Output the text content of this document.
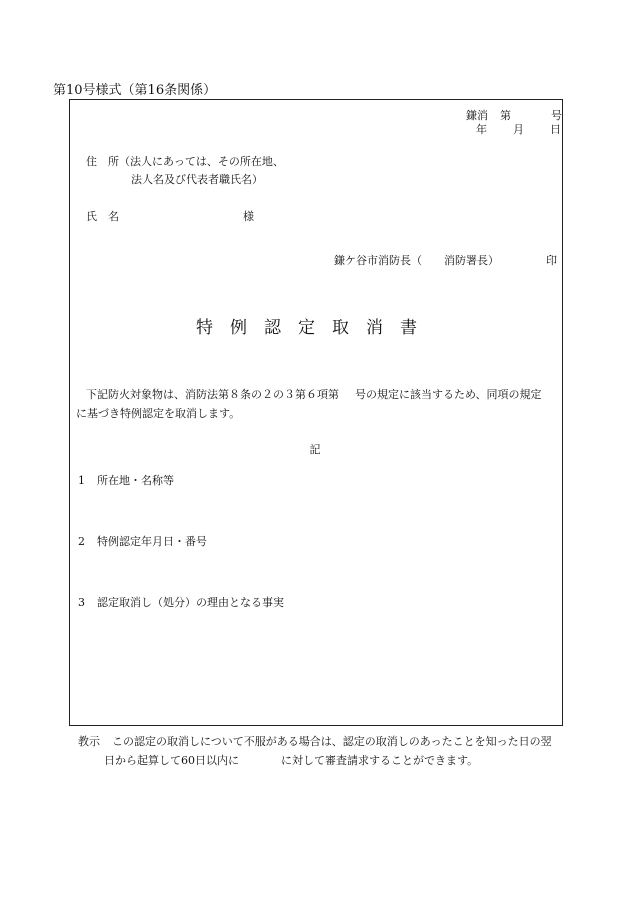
第10号様式（第16条関係）
鎌消 第	号
年 月 日
住　所（法人にあっては、その所在地、
法人名及び代表者職氏名）
氏　名	様
鎌ケ谷市消防長（ 消防署長）	印
特例認定取消書
下記防火対象物は、消防法第８条の２の３第６項第 号の規定に該当するため、同項の規定
に基づき特例認定を取消します。
記
1 所在地・名称等
2 特例認定年月日・番号
3 認定取消し（処分）の理由となる事実
教示 この認定の取消しについて不服がある場合は、認定の取消しのあったことを知った日の翌
日から起算して60日以内に	に対して審査請求することができます。
